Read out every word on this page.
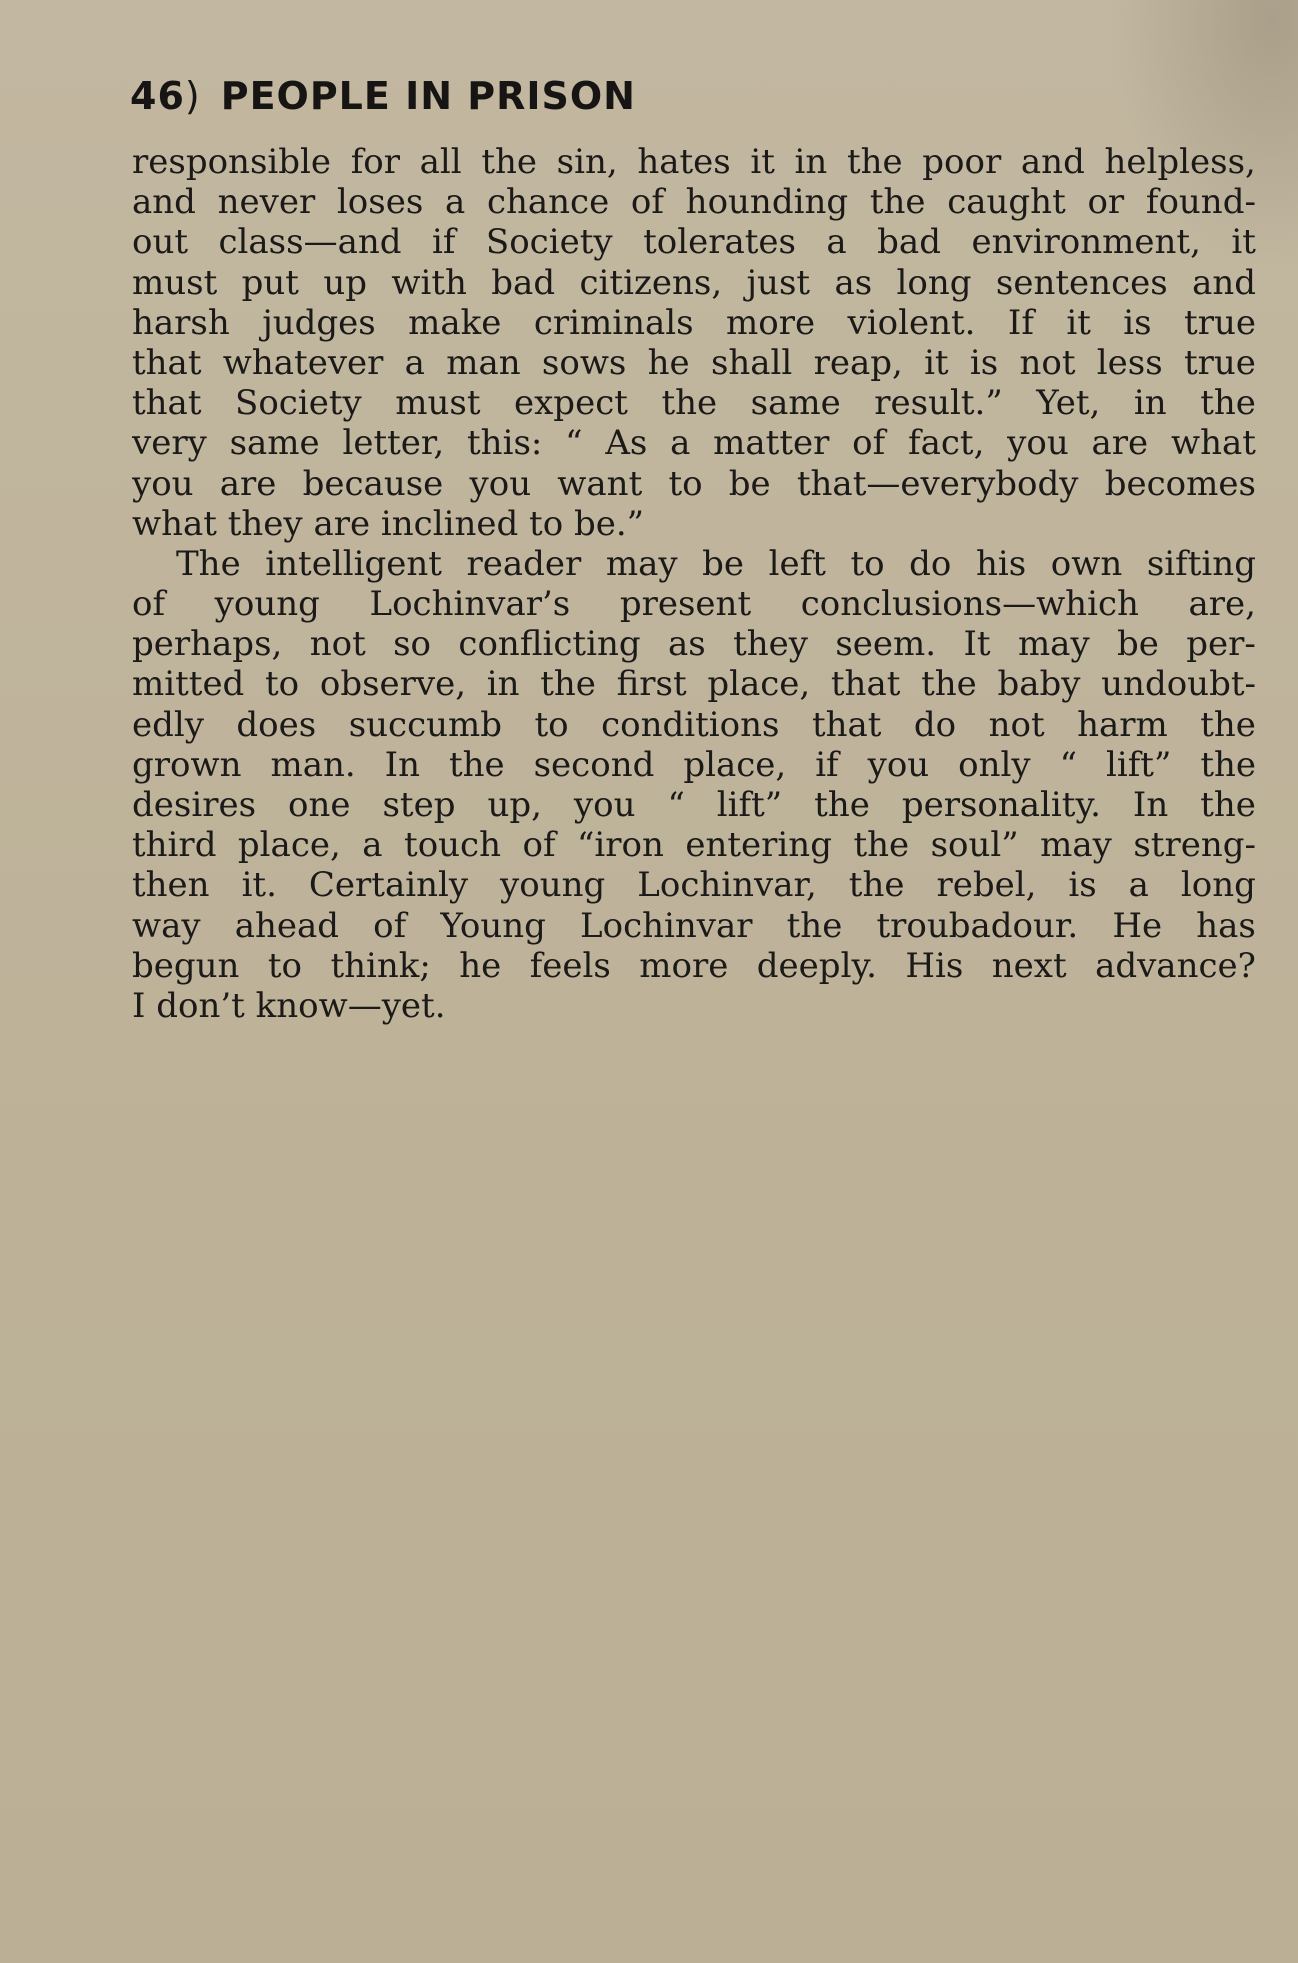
46) PEOPLE IN PRISON
responsible for all the sin, hates it in the poor and helpless,
and never loses a chance of hounding the caught or found-
out class—and if Society tolerates a bad environment, it
must put up with bad citizens, just as long sentences and
harsh judges make criminals more violent. If it is true
that whatever a man sows he shall reap, it is not less true
that Society must expect the same result.” Yet, in the
very same letter, this: “ As a matter of fact, you are what
you are because you want to be that—everybody becomes
what they are inclined to be.”
The intelligent reader may be left to do his own sifting
of young Lochinvar’s present conclusions—which are,
perhaps, not so conflicting as they seem. It may be per-
mitted to observe, in the first place, that the baby undoubt-
edly does succumb to conditions that do not harm the
grown man. In the second place, if you only “ lift” the
desires one step up, you “ lift” the personality. In the
third place, a touch of “iron entering the soul” may streng-
then it. Certainly young Lochinvar, the rebel, is a long
way ahead of Young Lochinvar the troubadour. He has
begun to think; he feels more deeply. His next advance?
I don’t know—yet.
